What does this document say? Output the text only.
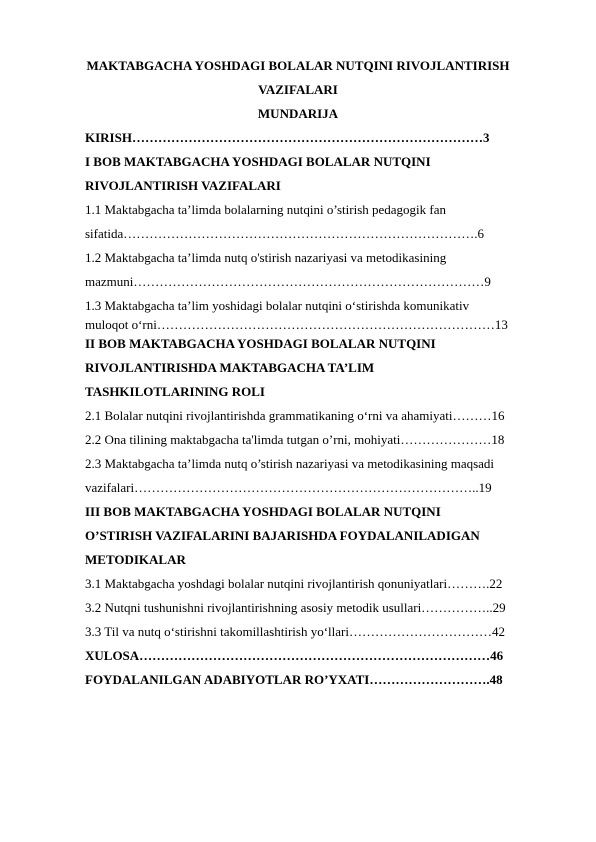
MAKTABGACHA YOSHDAGI BOLALAR NUTQINI RIVOJLANTIRISH
VAZIFALARI
MUNDARIJA
KIRISH………………………………………………………………………3
I BOB MAKTABGACHA YOSHDAGI BOLALAR NUTQINI
RIVOJLANTIRISH VAZIFALARI
1.1 Maktabgacha ta’limda bolalarning nutqini o’stirish pedagogik fan
sifatida……………………………………………………………………….6
1.2 Maktabgacha ta’limda nutq o'stirish nazariyasi va metodikasining
mazmuni………………………………………………………………………9
1.3 Maktabgacha ta’lim yoshidagi bolalar nutqini o‘stirishda komunikativ
muloqot o‘rni……………………………………………………………………13
II BOB MAKTABGACHA YOSHDAGI BOLALAR NUTQINI
RIVOJLANTIRISHDA MAKTABGACHA TA’LIM
TASHKILOTLARINING ROLI
2.1 Bolalar nutqini rivojlantirishda grammatikaning o‘rni va ahamiyati………16
2.2 Ona tilining maktabgacha ta'limda tutgan o’rni, mohiyati…………………18
2.3 Maktabgacha ta’limda nutq o’stirish nazariyasi va metodikasining maqsadi
vazifalari……………………………………………………………………..19
III BOB MAKTABGACHA YOSHDAGI BOLALAR NUTQINI
O’STIRISH VAZIFALARINI BAJARISHDA FOYDALANILADIGAN
METODIKALAR
3.1 Maktabgacha yoshdagi bolalar nutqini rivojlantirish qonuniyatlari……….22
3.2 Nutqni tushunishni rivojlantirishning asosiy metodik usullari……………..29
3.3 Til va nutq o‘stirishni takomillashtirish yo‘llari……………………………42
XULOSA………………………………………………………………………46
FOYDALANILGAN ADABIYOTLAR RO’YXATI……………………….48
